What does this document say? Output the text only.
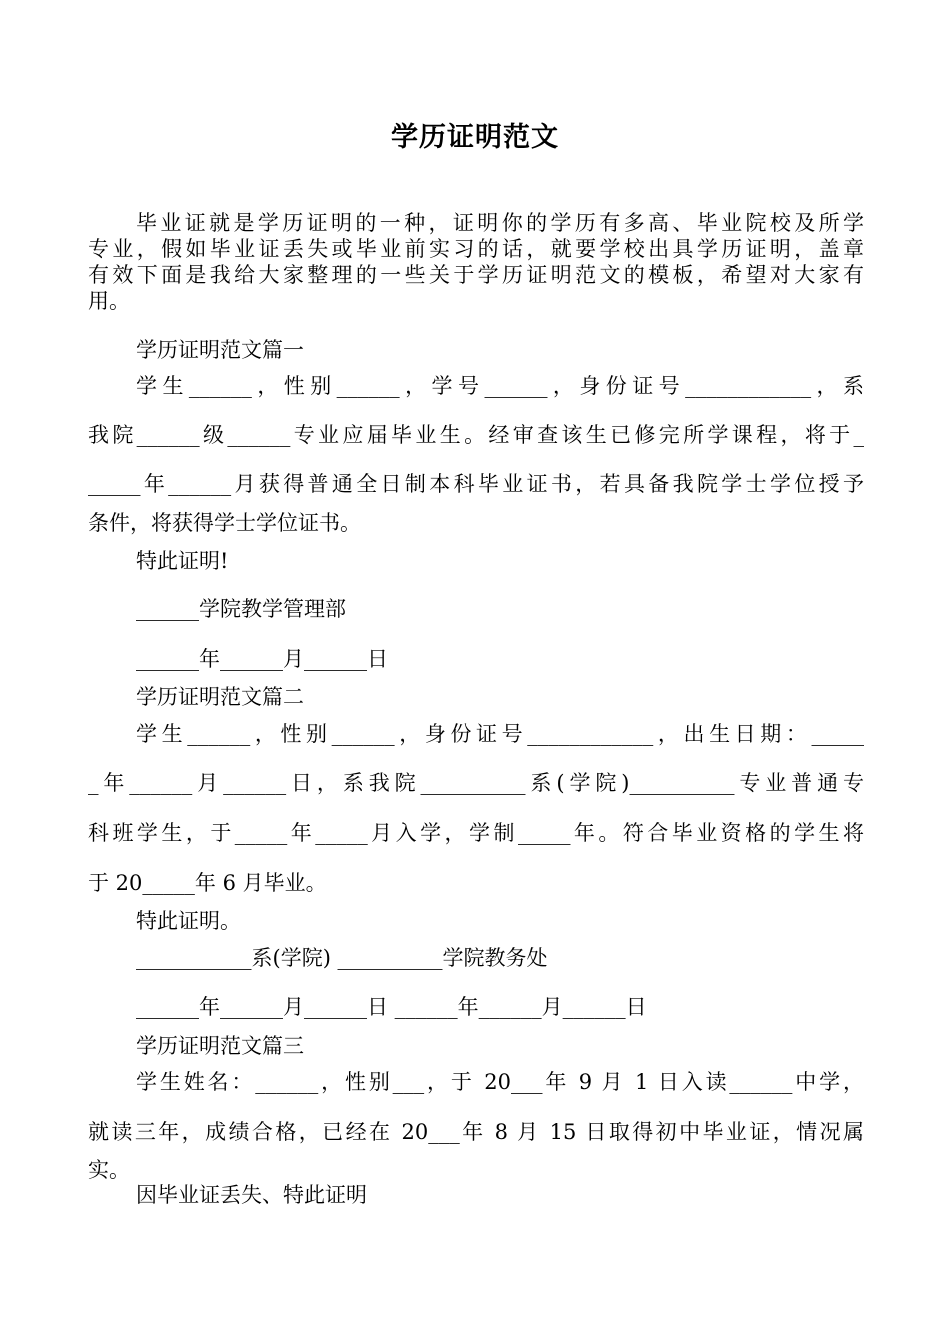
学历证明范文
毕业证就是学历证明的一种，证明你的学历有多高、毕业院校及所学
专业，假如毕业证丢失或毕业前实习的话，就要学校出具学历证明，盖章
有效下面是我给大家整理的一些关于学历证明范文的模板，希望对大家有
用。
学历证明范文篇一
学生______，性别______，学号______，身份证号____________，系
我院______级______专业应届毕业生。经审查该生已修完所学课程，将于_
_____年______月获得普通全日制本科毕业证书，若具备我院学士学位授予
条件，将获得学士学位证书。
特此证明!
______学院教学管理部
______年______月______日
学历证明范文篇二
学生______，性别______，身份证号____________，出生日期：_____
_年______月______日，系我院__________系(学院)__________专业普通专
科班学生，于_____年_____月入学，学制_____年。符合毕业资格的学生将
于 20_____年 6 月毕业。
特此证明。
___________系(学院) __________学院教务处
______年______月______日 ______年______月______日
学历证明范文篇三
学生姓名：______，性别___，于 20___年 9 月 1 日入读______中学，
就读三年，成绩合格，已经在 20___年 8 月 15 日取得初中毕业证，情况属
实。
因毕业证丢失、特此证明
